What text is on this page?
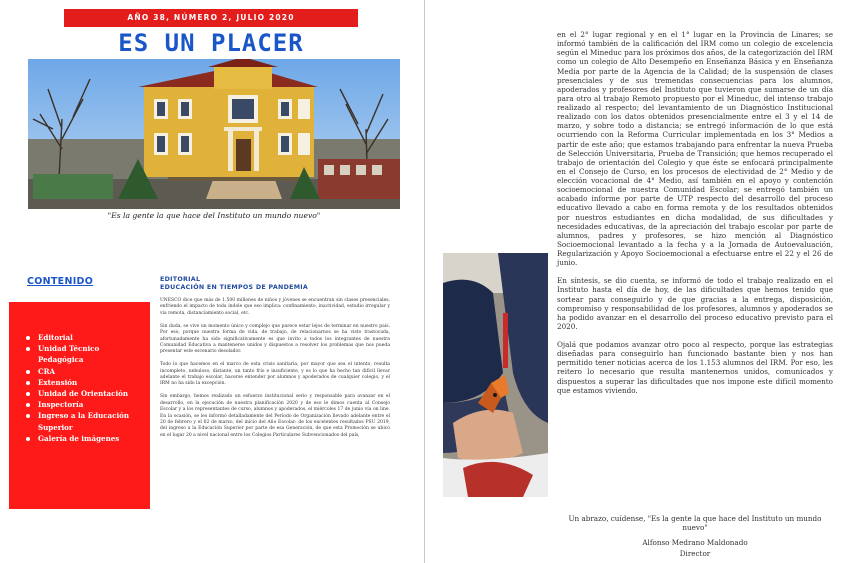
AÑO 38, NÚMERO 2, JULIO 2020
ES UN PLACER
"Es la gente la que hace del Instituto un mundo nuevo"
CONTENIDO
Editorial
Unidad Técnico Pedagógica
CRA
Extensión
Unidad de Orientación
Inspectoría
Ingreso a la Educación Superior
Galería de imágenes
EDITORIAL
EDUCACIÓN EN TIEMPOS DE PANDEMIA

UNESCO dice que más de 1.500 millones de niños y jóvenes se encuentran sin clases presenciales, enfriendo el impacto de toda índole que eso implica: confinamiento, inactividad, estudio irregular y vía remota, distanciamiento social, etc.

Sin duda, se vive un momento único y complejo que parece estar lejos de terminar en nuestro país. Por eso, porque nuestra forma de vida, de trabajo, de relacionarnos se ha visto trastocada, afortunadamente ha sido significativamente es que invito a todos los integrantes de nuestra Comunidad Educativa a mantenerse unidos y dispuestos a resolver los problemas que nos pueda presentar este escenario desolador.

Todo lo que hacemos en el marco de esta crisis sanitaria, por mayor que sea el intento, resulta incompleto, nebuloso, distante, un tanto frío e insuficiente, y es lo que ha hecho tan difícil llevar adelante el trabajo escolar, hacerse entender por alumnos y apoderados de cualquier colegio, y el IRM no ha sido la excepción.

Sin embargo, hemos realizado un esfuerzo institucional serio y responsable para avanzar en el desarrollo, en la ejecución de nuestra planificación 2020 y de eso le dimos cuenta al Consejo Escolar y a los representantes de curso, alumnos y apoderados, el miércoles 17 de junio vía on line. En la ocasión, se les informó detalladamente del Período de Organización llevado adelante entre el 20 de febrero y el 02 de marzo, del inicio del Año Escolar: de los excelentes resultados PSU 2019, del ingreso a la Educación Superior por parte de esa Generación, de que esta Promoción se ubicó en el lugar 20 a nivel nacional entre los Colegios Particulares Subvencionados del país,

en el 2° lugar regional y en el 1° lugar en la Provincia de Linares; se informó también de la calificación del IRM como un colegio de excelencia según el Mineduc para los próximos dos años, de la categorización del IRM como un colegio de Alto Desempeño en Enseñanza Básica y en Enseñanza Media por parte de la Agencia de la Calidad; de la suspensión de clases presenciales y de sus tremendas consecuencias para los alumnos, apoderados y profesores del Instituto que tuvieron que sumarse de un día para otro al trabajo Remoto propuesto por el Mineduc, del intenso trabajo realizado al respecto; del levantamiento de un Diagnóstico Institucional realizado con los datos obtenidos presencialmente entre el 3 y el 14 de marzo, y sobre todo a distancia; se entregó información de lo que está ocurriendo con la Reforma Curricular implementada en los 3° Medios a partir de este año; que estamos trabajando para enfrentar la nueva Prueba de Selección Universitaria, Prueba de Transición; que hemos recuperado el trabajo de orientación del Colegio y que éste se enfocará principalmente en el Consejo de Curso, en los procesos de electividad de 2° Medio y de elección vocacional de 4° Medio, así también en el apoyo y contención socioemocional de nuestra Comunidad Escolar; se entregó también un acabado informe por parte de UTP respecto del desarrollo del proceso educativo llevado a cabo en forma remota y de los resultados obtenidos por nuestros estudiantes en dicha modalidad, de sus dificultades y necesidades educativas, de la apreciación del trabajo escolar por parte de alumnos, padres y profesores, se hizo mención al Diagnóstico Socioemocional levantado a la fecha y a la Jornada de Autoevaluación, Regularización y Apoyo Socioemocional a efectuarse entre el 22 y el 26 de junio.

En síntesis, se dio cuenta, se informó de todo el trabajo realizado en el Instituto hasta el día de hoy, de las dificultades que hemos tenido que sortear para conseguirlo y de que gracias a la entrega, disposición, compromiso y responsabilidad de los profesores, alumnos y apoderados se ha podido avanzar en el desarrollo del proceso educativo previsto para el 2020.

Ojalá que podamos avanzar otro poco al respecto, porque las estrategias diseñadas para conseguirlo han funcionado bastante bien y nos han permitido tener noticias acerca de los 1.153 alumnos del IRM. Por eso, les reitero lo necesario que resulta mantenernos unidos, comunicados y dispuestos a superar las dificultades que nos impone este difícil momento que estamos viviendo.

Un abrazo, cuídense, "Es la gente la que hace del Instituto un mundo nuevo"
Alfonso Medrano Maldonado
Director
